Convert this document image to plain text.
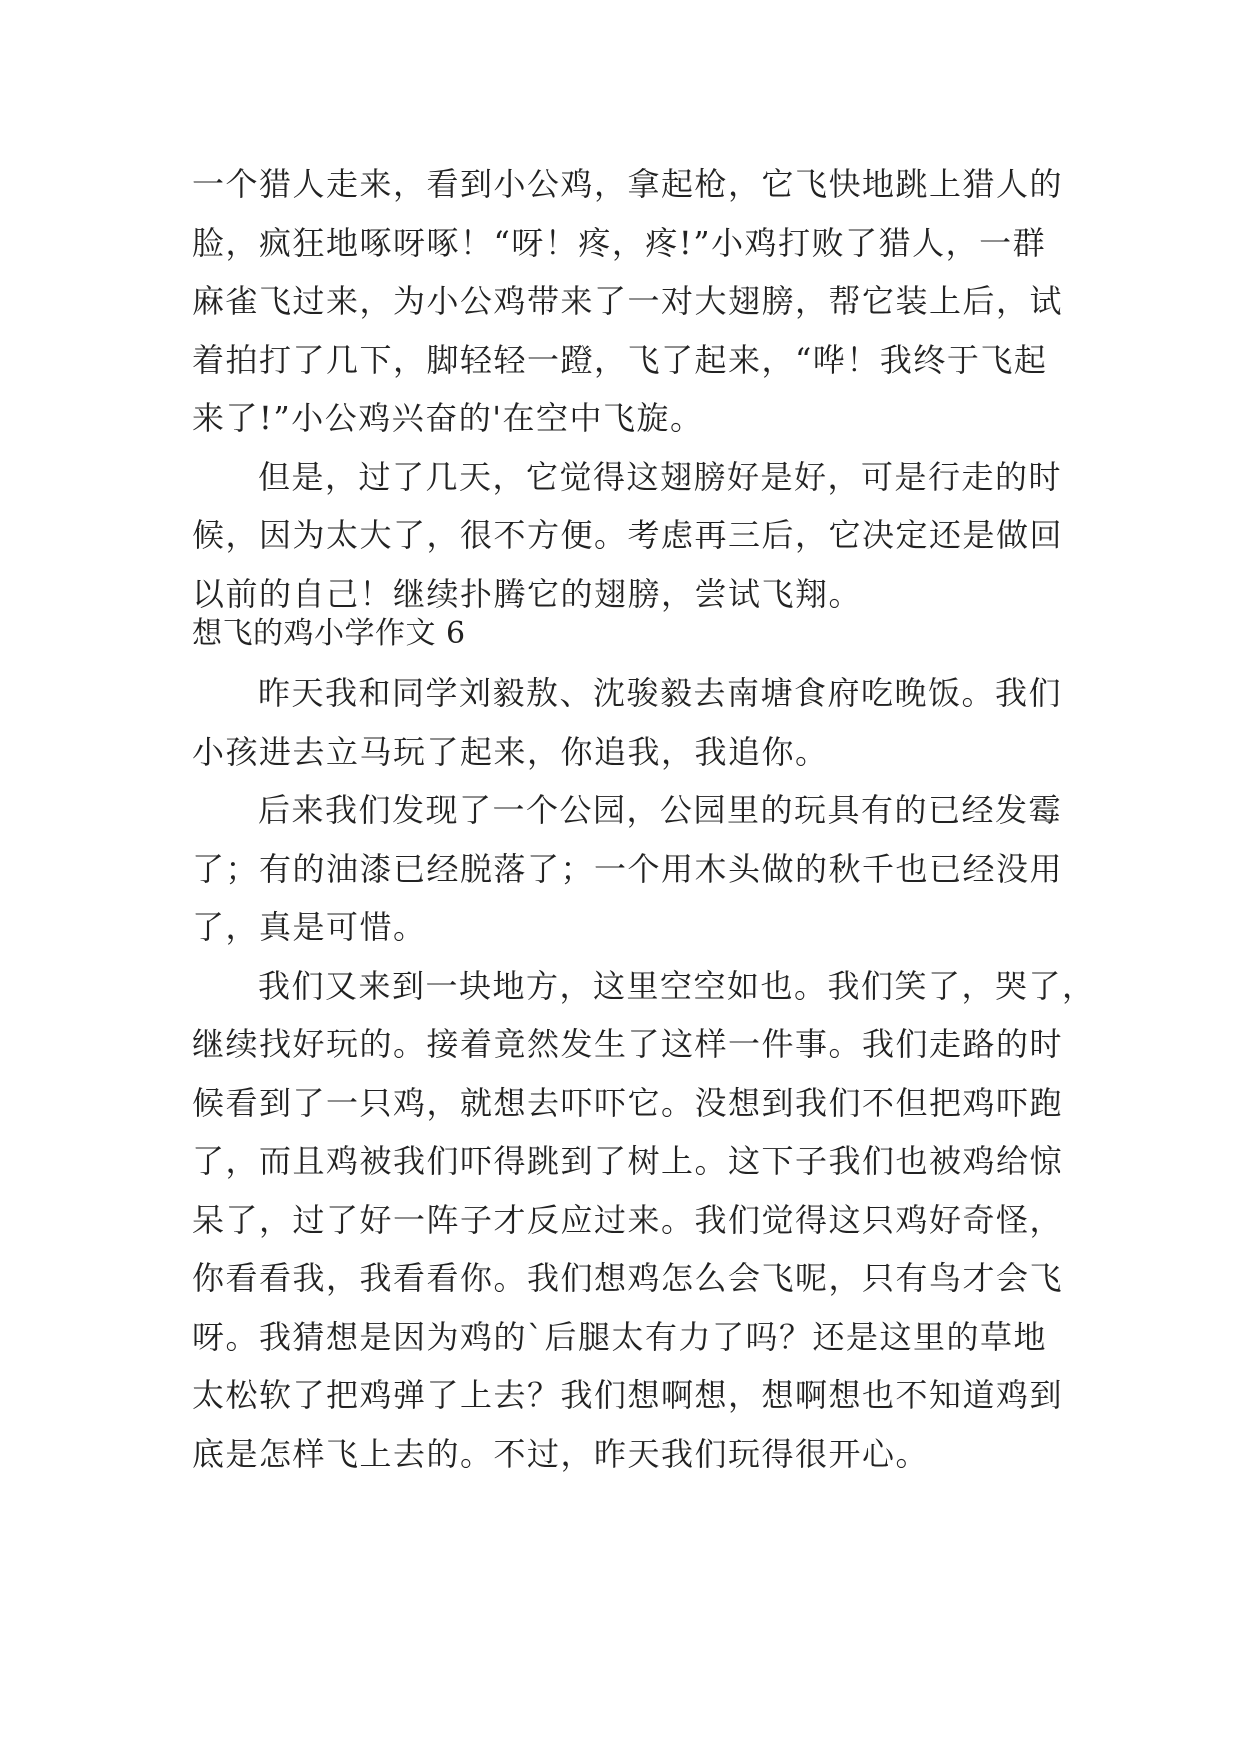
一个猎人走来，看到小公鸡，拿起枪，它飞快地跳上猎人的
脸，疯狂地啄呀啄！“呀！疼，疼!”小鸡打败了猎人，一群
麻雀飞过来，为小公鸡带来了一对大翅膀，帮它装上后，试
着拍打了几下，脚轻轻一蹬，飞了起来，“哗！我终于飞起
来了!”小公鸡兴奋的'在空中飞旋。
但是，过了几天，它觉得这翅膀好是好，可是行走的时
候，因为太大了，很不方便。考虑再三后，它决定还是做回
以前的自己！继续扑腾它的翅膀，尝试飞翔。
想飞的鸡小学作文 6
昨天我和同学刘毅敖、沈骏毅去南塘食府吃晚饭。我们
小孩进去立马玩了起来，你追我，我追你。
后来我们发现了一个公园，公园里的玩具有的已经发霉
了；有的油漆已经脱落了；一个用木头做的秋千也已经没用
了，真是可惜。
我们又来到一块地方，这里空空如也。我们笑了，哭了，
继续找好玩的。接着竟然发生了这样一件事。我们走路的时
候看到了一只鸡，就想去吓吓它。没想到我们不但把鸡吓跑
了，而且鸡被我们吓得跳到了树上。这下子我们也被鸡给惊
呆了，过了好一阵子才反应过来。我们觉得这只鸡好奇怪，
你看看我，我看看你。我们想鸡怎么会飞呢，只有鸟才会飞
呀。我猜想是因为鸡的`后腿太有力了吗？还是这里的草地
太松软了把鸡弹了上去？我们想啊想，想啊想也不知道鸡到
底是怎样飞上去的。不过，昨天我们玩得很开心。
